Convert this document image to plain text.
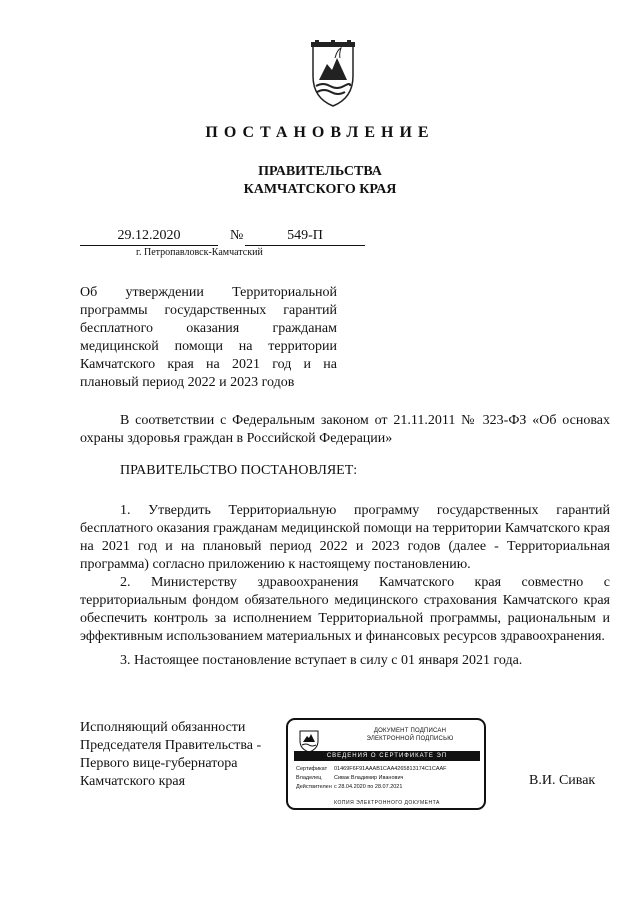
ПОСТАНОВЛЕНИЕ
ПРАВИТЕЛЬСТВА
КАМЧАТСКОГО КРАЯ
29.12.2020	№	549-П
г. Петропавловск-Камчатский
Об утверждении Территориальной программы государственных гарантий бесплатного оказания гражданам медицинской помощи на территории Камчатского края на 2021 год и на плановый период 2022 и 2023 годов
В соответствии с Федеральным законом от 21.11.2011 № 323-ФЗ «Об основах охраны здоровья граждан в Российской Федерации»
ПРАВИТЕЛЬСТВО ПОСТАНОВЛЯЕТ:
1. Утвердить Территориальную программу государственных гарантий бесплатного оказания гражданам медицинской помощи на территории Камчатского края на 2021 год и на плановый период 2022 и 2023 годов (далее - Территориальная программа) согласно приложению к настоящему постановлению.
2. Министерству здравоохранения Камчатского края совместно с территориальным фондом обязательного медицинского страхования Камчатского края обеспечить контроль за исполнением Территориальной программы, рациональным и эффективным использованием материальных и финансовых ресурсов здравоохранения.
3. Настоящее постановление вступает в силу с 01 января 2021 года.
Исполняющий обязанности
Председателя Правительства -
Первого вице-губернатора
Камчатского края
ДОКУМЕНТ ПОДПИСАН
ЭЛЕКТРОННОЙ ПОДПИСЬЮ
СВЕДЕНИЯ О СЕРТИФИКАТЕ ЭП
Сертификат 01469F6F91AAAB1CAA4265813174C1CAAF
Владелец Сивак Владимир Иванович
Действителен с 28.04.2020 по 28.07.2021
КОПИЯ ЭЛЕКТРОННОГО ДОКУМЕНТА
В.И. Сивак
